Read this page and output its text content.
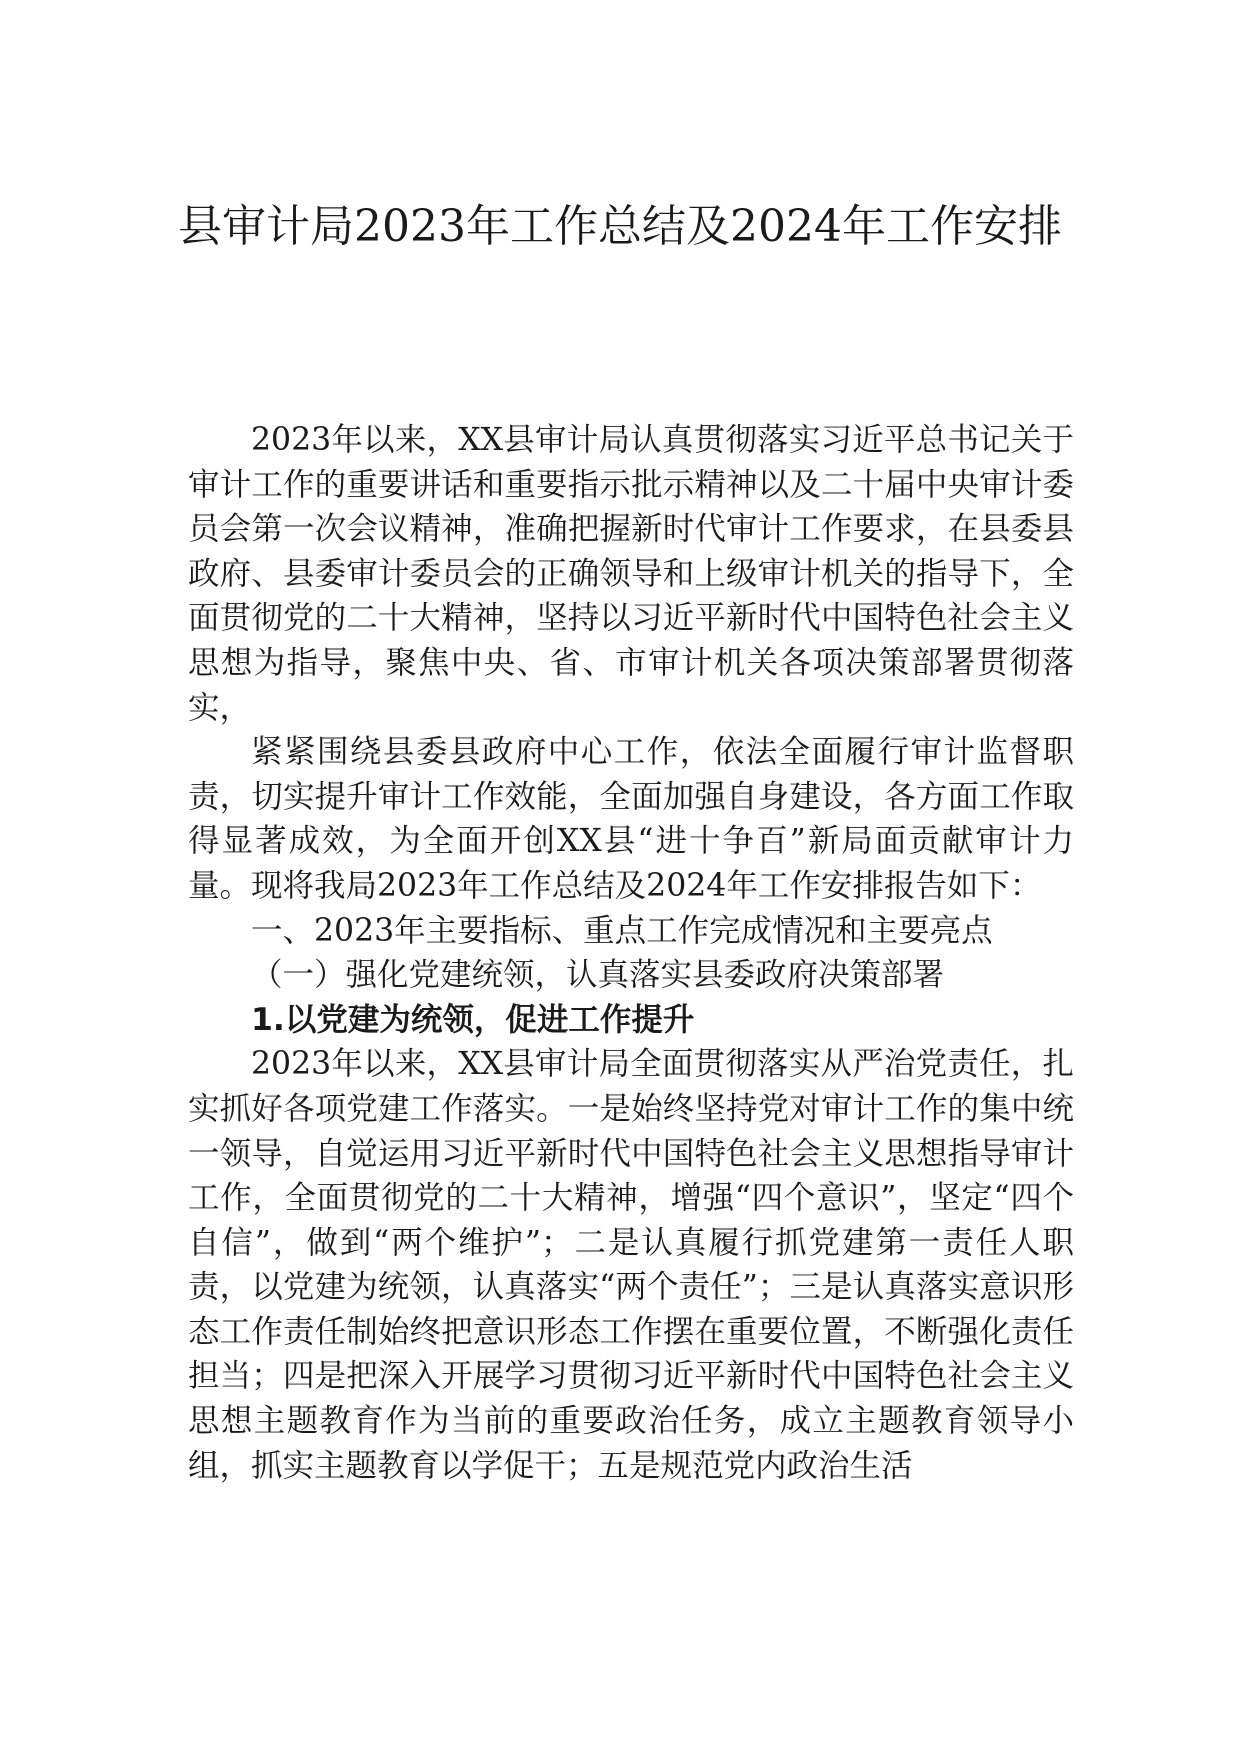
县审计局2023年工作总结及2024年工作安排

2023年以来，XX县审计局认真贯彻落实习近平总书记关于审计工作的重要讲话和重要指示批示精神以及二十届中央审计委员会第一次会议精神，准确把握新时代审计工作要求，在县委县政府、县委审计委员会的正确领导和上级审计机关的指导下，全面贯彻党的二十大精神，坚持以习近平新时代中国特色社会主义思想为指导，聚焦中央、省、市审计机关各项决策部署贯彻落实，

紧紧围绕县委县政府中心工作，依法全面履行审计监督职责，切实提升审计工作效能，全面加强自身建设，各方面工作取得显著成效，为全面开创XX县“进十争百”新局面贡献审计力量。现将我局2023年工作总结及2024年工作安排报告如下：

一、2023年主要指标、重点工作完成情况和主要亮点

（一）强化党建统领，认真落实县委政府决策部署

1.以党建为统领，促进工作提升

2023年以来，XX县审计局全面贯彻落实从严治党责任，扎实抓好各项党建工作落实。一是始终坚持党对审计工作的集中统一领导，自觉运用习近平新时代中国特色社会主义思想指导审计工作，全面贯彻党的二十大精神，增强“四个意识”，坚定“四个自信”，做到“两个维护”；二是认真履行抓党建第一责任人职责，以党建为统领，认真落实“两个责任”；三是认真落实意识形态工作责任制始终把意识形态工作摆在重要位置，不断强化责任担当；四是把深入开展学习贯彻习近平新时代中国特色社会主义思想主题教育作为当前的重要政治任务，成立主题教育领导小组，抓实主题教育以学促干；五是规范党内政治生活
